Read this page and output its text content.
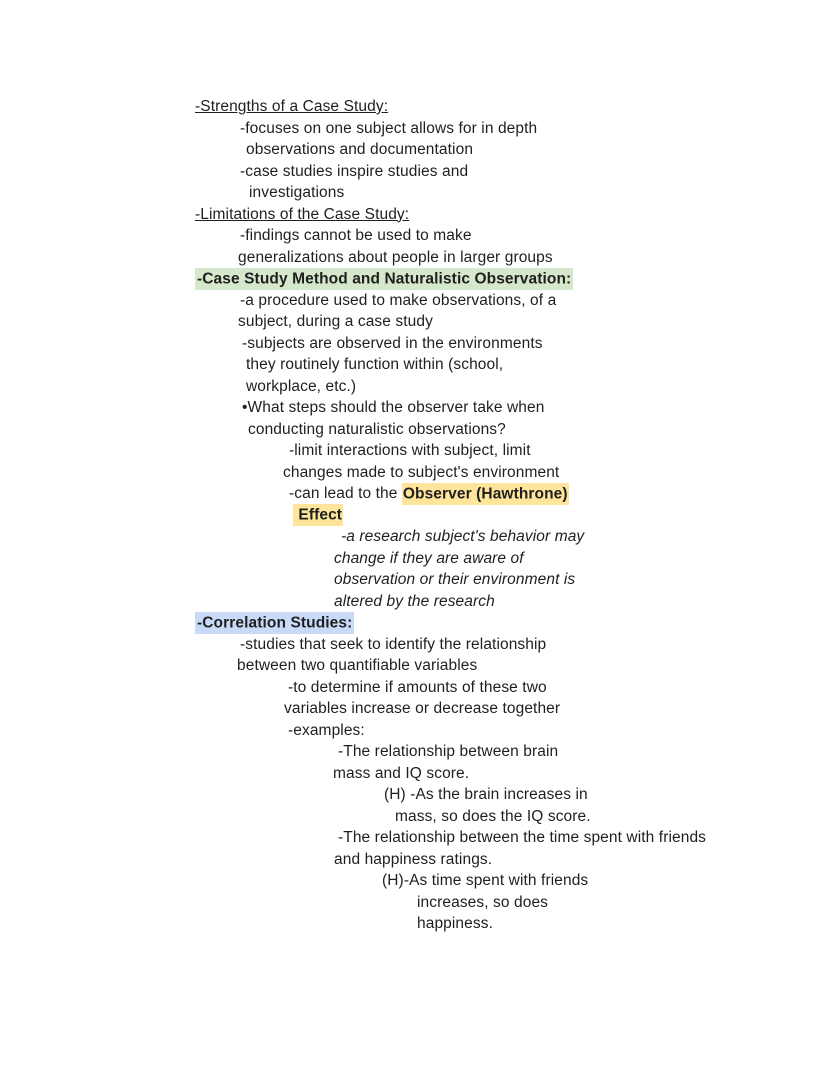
-Strengths of a Case Study:
-focuses on one subject allows for in depth
observations and documentation
-case studies inspire studies and
investigations
-Limitations of the Case Study:
-findings cannot be used to make
generalizations about people in larger groups
-Case Study Method and Naturalistic Observation:
-a procedure used to make observations, of a
subject, during a case study
-subjects are observed in the environments
they routinely function within (school,
workplace, etc.)
•What steps should the observer take when
conducting naturalistic observations?
-limit interactions with subject, limit
changes made to subject's environment
-can lead to the Observer (Hawthrone)
Effect
-a research subject's behavior may
change if they are aware of
observation or their environment is
altered by the research
-Correlation Studies:
-studies that seek to identify the relationship
between two quantifiable variables
-to determine if amounts of these two
variables increase or decrease together
-examples:
-The relationship between brain
mass and IQ score.
(H) -As the brain increases in
mass, so does the IQ score.
-The relationship between the time spent with friends
and happiness ratings.
(H)-As time spent with friends
increases, so does
happiness.
